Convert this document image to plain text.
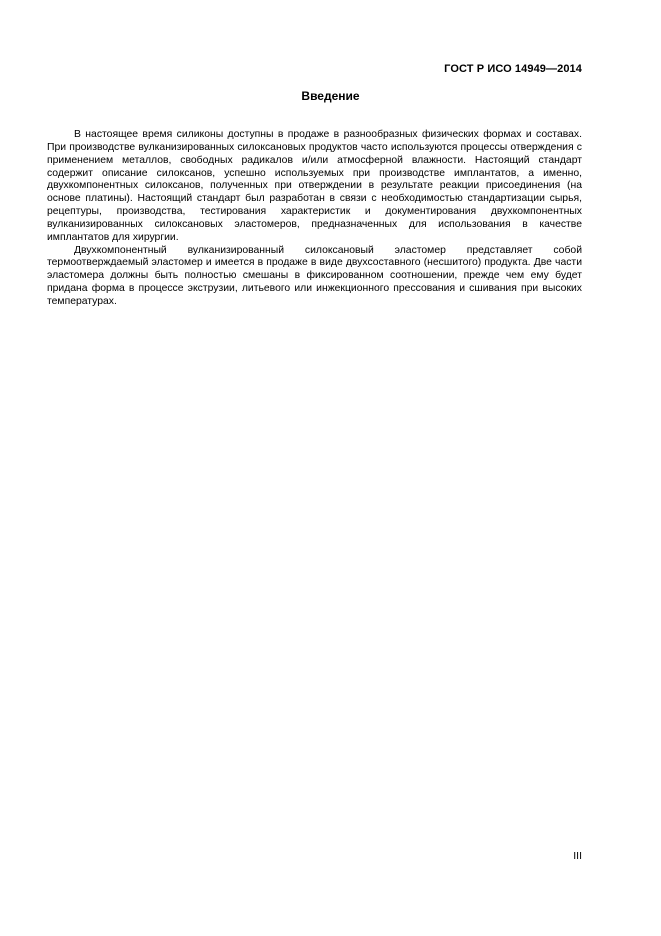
ГОСТ Р ИСО 14949—2014
Введение

В настоящее время силиконы доступны в продаже в разнообразных физических формах и составах. При производстве вулканизированных силоксановых продуктов часто используются процессы отверждения с применением металлов, свободных радикалов и/или атмосферной влажности. Настоящий стандарт содержит описание силоксанов, успешно используемых при производстве имплантатов, а именно, двухкомпонентных силоксанов, полученных при отверждении в результате реакции присоединения (на основе платины). Настоящий стандарт был разработан в связи с необходимостью стандартизации сырья, рецептуры, производства, тестирования характеристик и документирования двухкомпонентных вулканизированных силоксановых эластомеров, предназначенных для использования в качестве имплантатов для хирургии.

Двухкомпонентный вулканизированный силоксановый эластомер представляет собой термоотверждаемый эластомер и имеется в продаже в виде двухсоставного (несшитого) продукта. Две части эластомера должны быть полностью смешаны в фиксированном соотношении, прежде чем ему будет придана форма в процессе экструзии, литьевого или инжекционного прессования и сшивания при высоких температурах.

III
